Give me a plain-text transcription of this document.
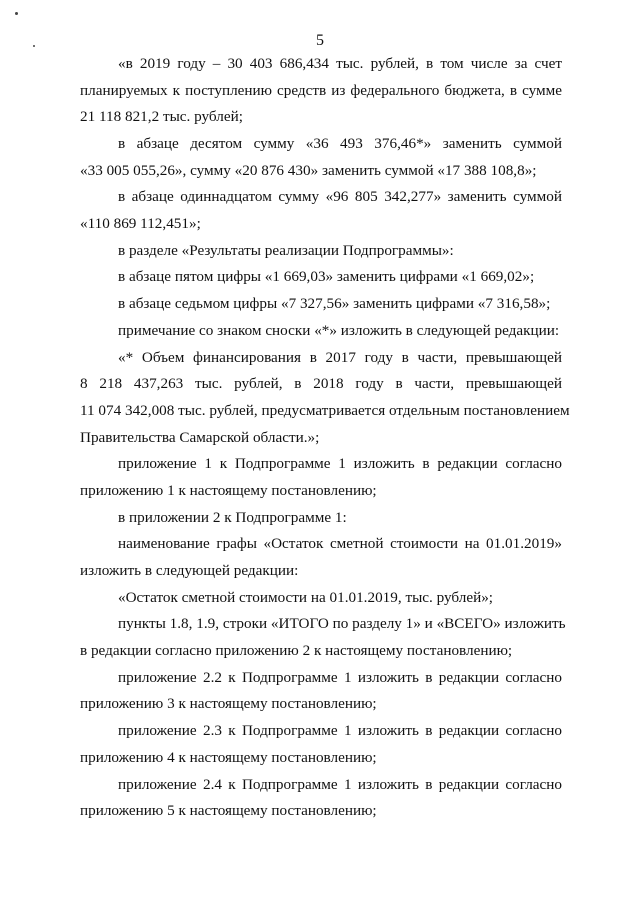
5
«в 2019 году – 30 403 686,434 тыс. рублей, в том числе за счет
планируемых к поступлению средств из федерального бюджета, в сумме
21 118 821,2 тыс. рублей;
в абзаце десятом сумму «36 493 376,46*» заменить суммой
«33 005 055,26», сумму «20 876 430» заменить суммой «17 388 108,8»;
в абзаце одиннадцатом сумму «96 805 342,277» заменить суммой
«110 869 112,451»;
в разделе «Результаты реализации Подпрограммы»:
в абзаце пятом цифры «1 669,03» заменить цифрами «1 669,02»;
в абзаце седьмом цифры «7 327,56» заменить цифрами «7 316,58»;
примечание со знаком сноски «*» изложить в следующей редакции:
«* Объем финансирования в 2017 году в части, превышающей
8 218 437,263 тыс. рублей, в 2018 году в части, превышающей
11 074 342,008 тыс. рублей, предусматривается отдельным постановлением
Правительства Самарской области.»;
приложение 1 к Подпрограмме 1 изложить в редакции согласно
приложению 1 к настоящему постановлению;
в приложении 2 к Подпрограмме 1:
наименование графы «Остаток сметной стоимости на 01.01.2019»
изложить в следующей редакции:
«Остаток сметной стоимости на 01.01.2019, тыс. рублей»;
пункты 1.8, 1.9, строки «ИТОГО по разделу 1» и «ВСЕГО» изложить
в редакции согласно приложению 2 к настоящему постановлению;
приложение 2.2 к Подпрограмме 1 изложить в редакции согласно
приложению 3 к настоящему постановлению;
приложение 2.3 к Подпрограмме 1 изложить в редакции согласно
приложению 4 к настоящему постановлению;
приложение 2.4 к Подпрограмме 1 изложить в редакции согласно
приложению 5 к настоящему постановлению;
